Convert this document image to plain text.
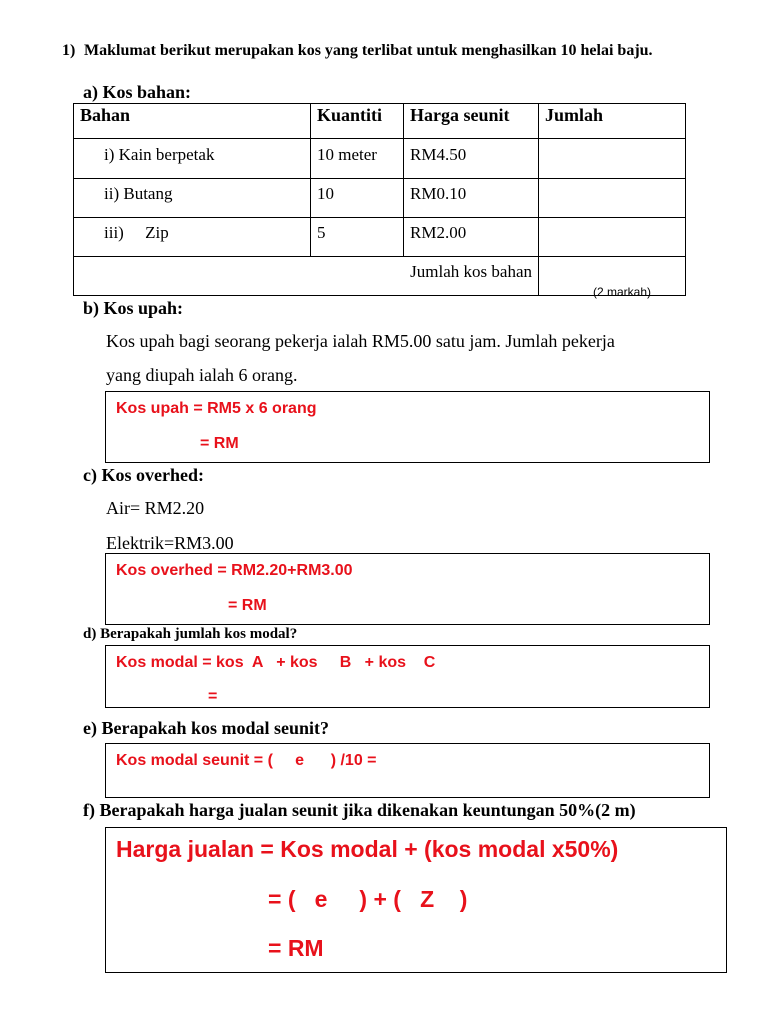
1) Maklumat berikut merupakan kos yang terlibat untuk menghasilkan 10 helai baju.
a) Kos bahan:
Bahan	Kuantiti	Harga seunit	Jumlah
i) Kain berpetak	10 meter	RM4.50	
ii) Butang	10	RM0.10	
iii)     Zip	5	RM2.00	
Jumlah kos bahan			
(2 markah)
b) Kos upah:
Kos upah bagi seorang pekerja ialah RM5.00 satu jam. Jumlah pekerja
yang diupah ialah 6 orang.
Kos upah = RM5 x 6 orang
= RM
c) Kos overhed:
Air= RM2.20
Elektrik=RM3.00
Kos overhed = RM2.20+RM3.00
= RM
d) Berapakah jumlah kos modal?
Kos modal = kos  A   + kos     B   + kos    C
=
e) Berapakah kos modal seunit?
Kos modal seunit = (     e      ) /10 =
f) Berapakah harga jualan seunit jika dikenakan keuntungan 50%(2 m)
Harga jualan = Kos modal + (kos modal x50%)
= (   e     ) + (   Z    )
= RM
